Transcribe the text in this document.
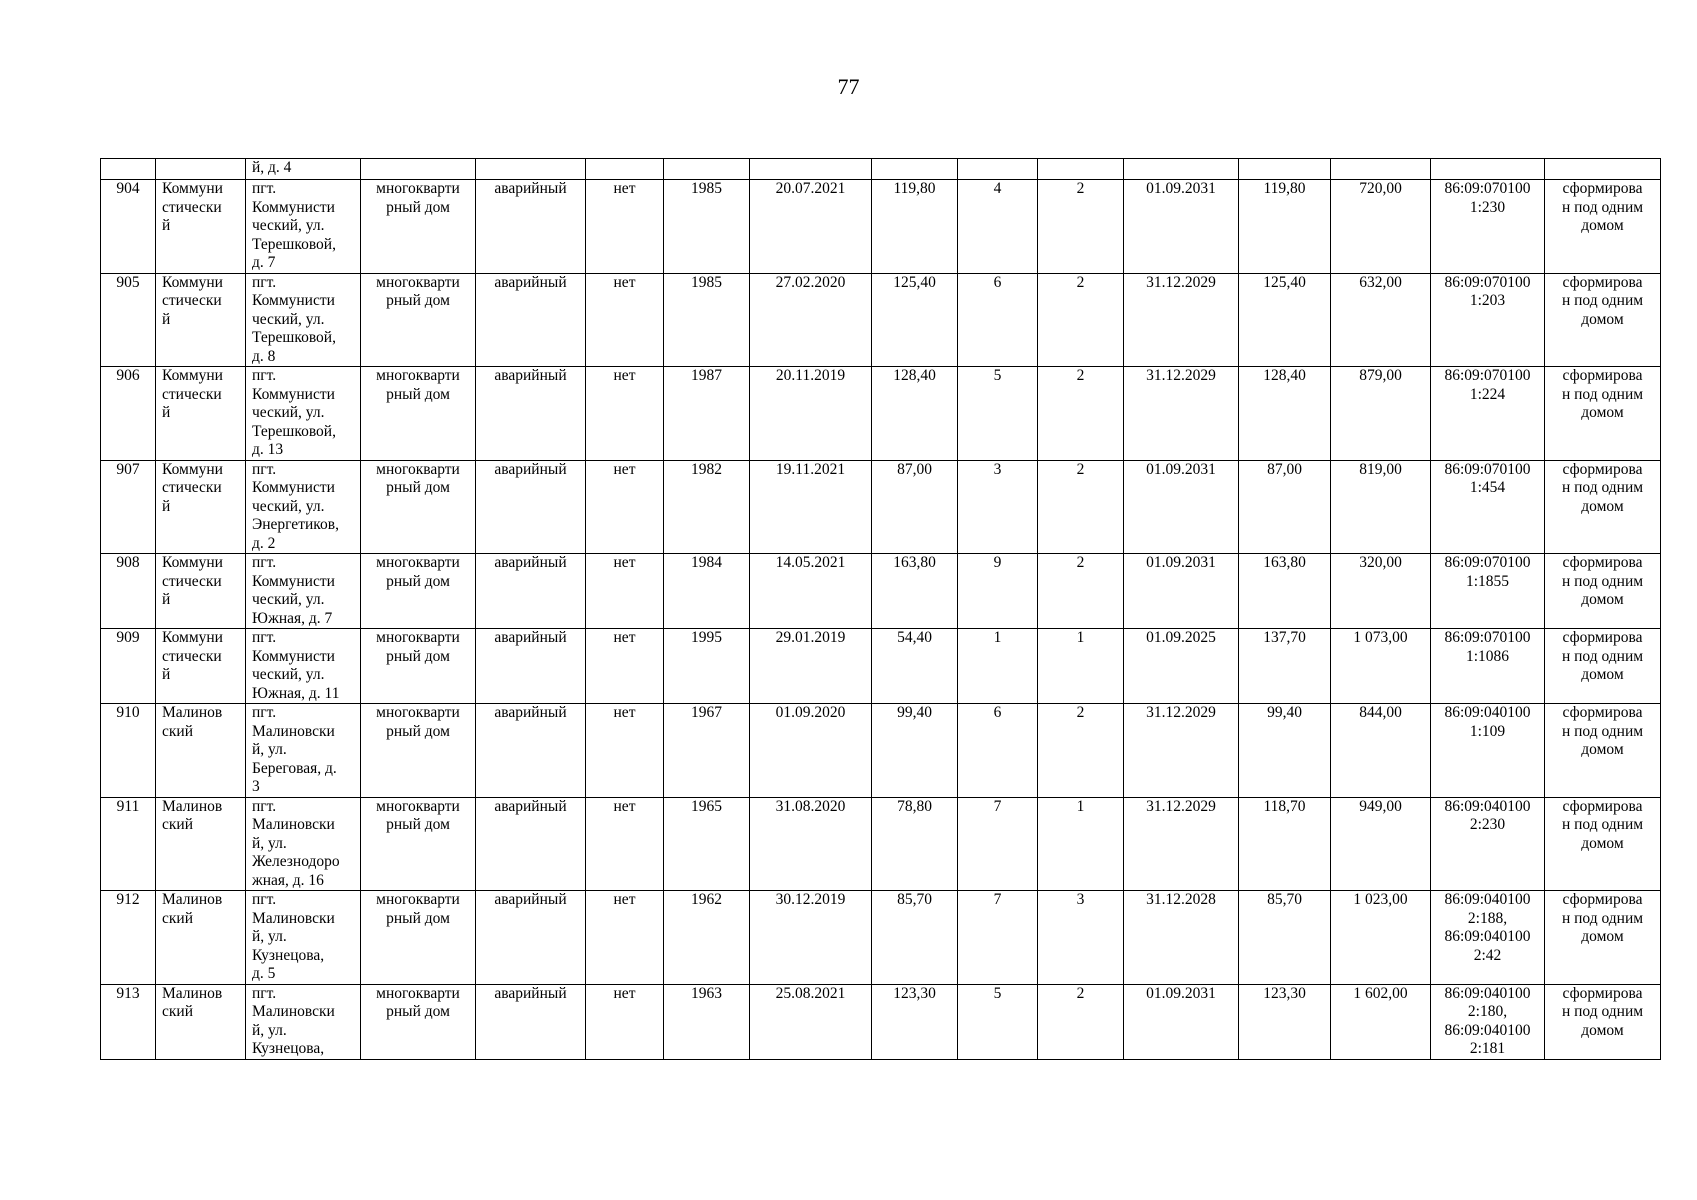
77
		й, д. 4													
904	Коммуни
стически
й	пгт.
Коммунисти
ческий, ул.
Терешковой,
д. 7	многокварти
рный дом	аварийный	нет	1985	20.07.2021	119,80	4	2	01.09.2031	119,80	720,00	86:09:070100
1:230	сформирова
н под одним
домом
905	Коммуни
стически
й	пгт.
Коммунисти
ческий, ул.
Терешковой,
д. 8	многокварти
рный дом	аварийный	нет	1985	27.02.2020	125,40	6	2	31.12.2029	125,40	632,00	86:09:070100
1:203	сформирова
н под одним
домом
906	Коммуни
стически
й	пгт.
Коммунисти
ческий, ул.
Терешковой,
д. 13	многокварти
рный дом	аварийный	нет	1987	20.11.2019	128,40	5	2	31.12.2029	128,40	879,00	86:09:070100
1:224	сформирова
н под одним
домом
907	Коммуни
стически
й	пгт.
Коммунисти
ческий, ул.
Энергетиков,
д. 2	многокварти
рный дом	аварийный	нет	1982	19.11.2021	87,00	3	2	01.09.2031	87,00	819,00	86:09:070100
1:454	сформирова
н под одним
домом
908	Коммуни
стически
й	пгт.
Коммунисти
ческий, ул.
Южная, д. 7	многокварти
рный дом	аварийный	нет	1984	14.05.2021	163,80	9	2	01.09.2031	163,80	320,00	86:09:070100
1:1855	сформирова
н под одним
домом
909	Коммуни
стически
й	пгт.
Коммунисти
ческий, ул.
Южная, д. 11	многокварти
рный дом	аварийный	нет	1995	29.01.2019	54,40	1	1	01.09.2025	137,70	1 073,00	86:09:070100
1:1086	сформирова
н под одним
домом
910	Малинов
ский	пгт.
Малиновски
й, ул.
Береговая, д.
3	многокварти
рный дом	аварийный	нет	1967	01.09.2020	99,40	6	2	31.12.2029	99,40	844,00	86:09:040100
1:109	сформирова
н под одним
домом
911	Малинов
ский	пгт.
Малиновски
й, ул.
Железнодоро
жная, д. 16	многокварти
рный дом	аварийный	нет	1965	31.08.2020	78,80	7	1	31.12.2029	118,70	949,00	86:09:040100
2:230	сформирова
н под одним
домом
912	Малинов
ский	пгт.
Малиновски
й, ул.
Кузнецова,
д. 5	многокварти
рный дом	аварийный	нет	1962	30.12.2019	85,70	7	3	31.12.2028	85,70	1 023,00	86:09:040100
2:188,
86:09:040100
2:42	сформирова
н под одним
домом
913	Малинов
ский	пгт.
Малиновски
й, ул.
Кузнецова,	многокварти
рный дом	аварийный	нет	1963	25.08.2021	123,30	5	2	01.09.2031	123,30	1 602,00	86:09:040100
2:180,
86:09:040100
2:181	сформирова
н под одним
домом
